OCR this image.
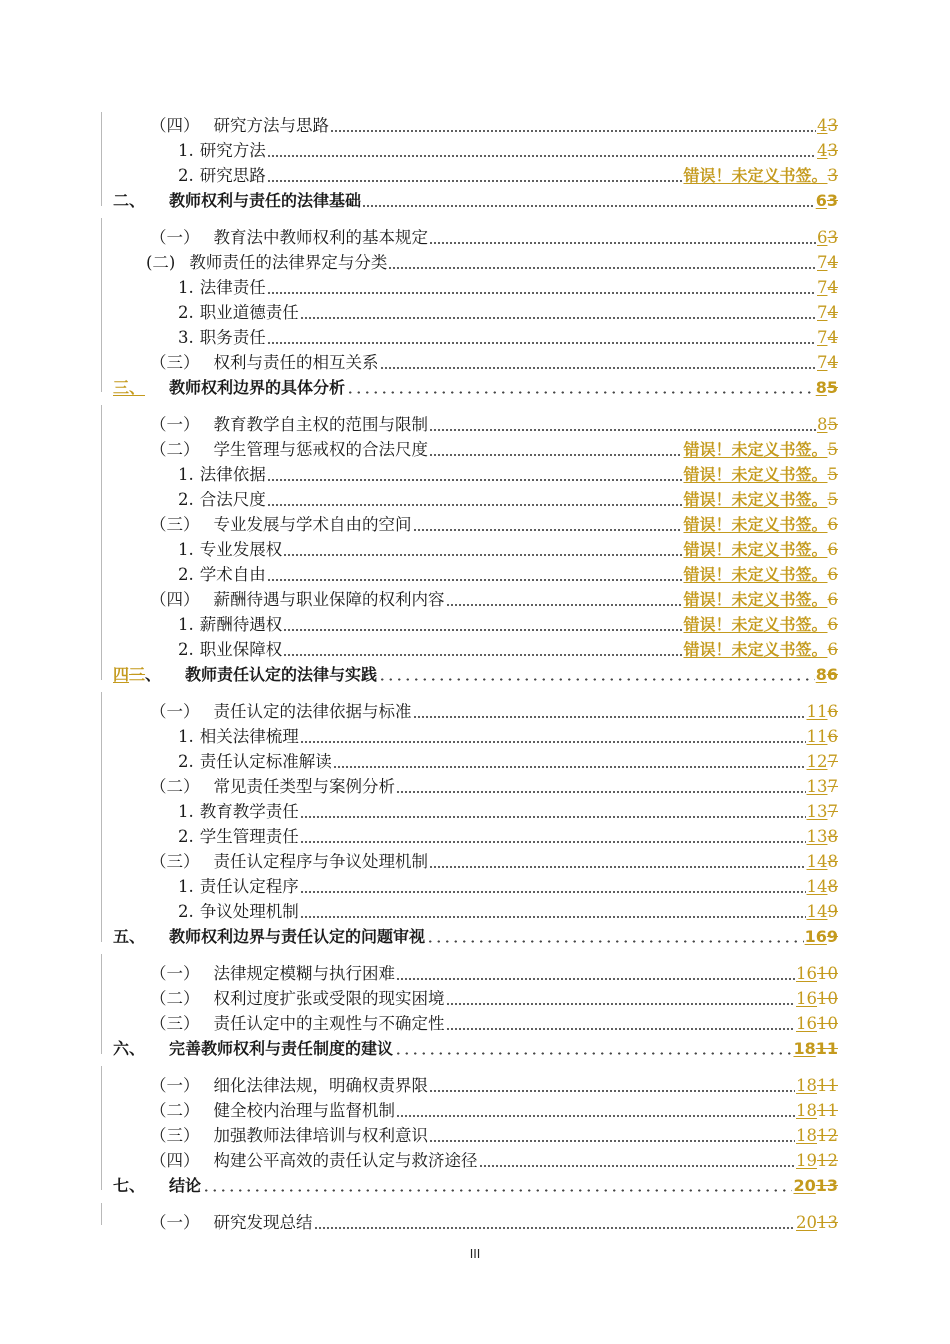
（四） 研究方法与思路	4 3
1. 研究方法	4 3
2. 研究思路	错误！未定义书签。 3
二、 教师权利与责任的法律基础	6 3
（一） 教育法中教师权利的基本规定	6 3
(二) 教师责任的法律界定与分类	7 4
1. 法律责任	7 4
2. 职业道德责任	7 4
3. 职务责任	7 4
（三） 权利与责任的相互关系	7 4
三、 教师权利边界的具体分析	8 5
（一） 教育教学自主权的范围与限制	8 5
（二） 学生管理与惩戒权的合法尺度	错误！未定义书签。 5
1. 法律依据	错误！未定义书签。 5
2. 合法尺度	错误！未定义书签。 5
（三） 专业发展与学术自由的空间	错误！未定义书签。 6
1. 专业发展权	错误！未定义书签。 6
2. 学术自由	错误！未定义书签。 6
（四） 薪酬待遇与职业保障的权利内容	错误！未定义书签。 6
1. 薪酬待遇权	错误！未定义书签。 6
2. 职业保障权	错误！未定义书签。 6
四三、 教师责任认定的法律与实践	8 6
（一） 责任认定的法律依据与标准	11 6
1. 相关法律梳理	11 6
2. 责任认定标准解读	12 7
（二） 常见责任类型与案例分析	13 7
1. 教育教学责任	13 7
2. 学生管理责任	13 8
（三） 责任认定程序与争议处理机制	14 8
1. 责任认定程序	14 8
2. 争议处理机制	14 9
五、 教师权利边界与责任认定的问题审视	16 9
（一） 法律规定模糊与执行困难	16 10
（二） 权利过度扩张或受限的现实困境	16 10
（三） 责任认定中的主观性与不确定性	16 10
六、 完善教师权利与责任制度的建议	18 11
（一） 细化法律法规，明确权责界限	18 11
（二） 健全校内治理与监督机制	18 11
（三） 加强教师法律培训与权利意识	18 12
（四） 构建公平高效的责任认定与救济途径	19 12
七、 结论	20 13
（一） 研究发现总结	20 13
III
